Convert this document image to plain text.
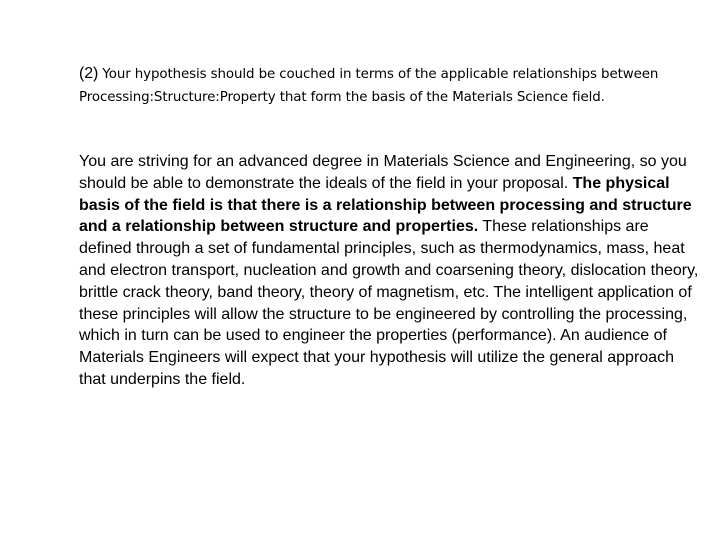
(2) Your hypothesis should be couched in terms of the applicable relationships between Processing:Structure:Property that form the basis of the Materials Science field.

You are striving for an advanced degree in Materials Science and Engineering, so you should be able to demonstrate the ideals of the field in your proposal. The physical basis of the field is that there is a relationship between processing and structure and a relationship between structure and properties. These relationships are defined through a set of fundamental principles, such as thermodynamics, mass, heat and electron transport, nucleation and growth and coarsening theory, dislocation theory, brittle crack theory, band theory, theory of magnetism, etc. The intelligent application of these principles will allow the structure to be engineered by controlling the processing, which in turn can be used to engineer the properties (performance). An audience of Materials Engineers will expect that your hypothesis will utilize the general approach that underpins the field.
